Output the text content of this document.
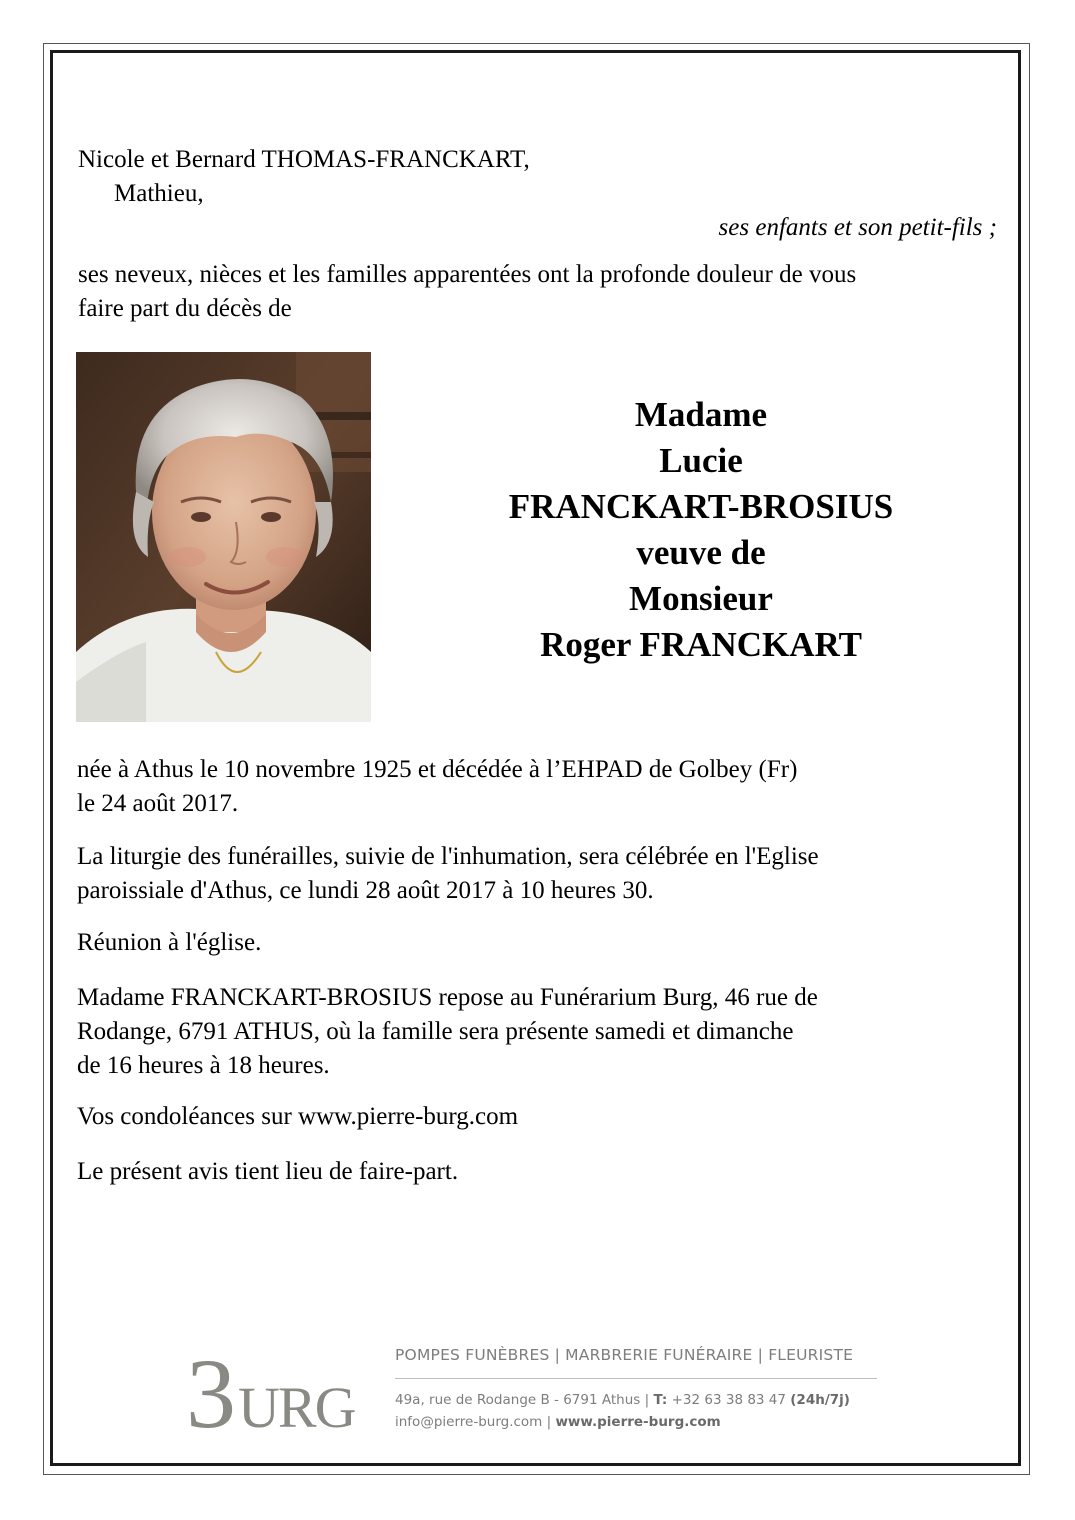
Nicole et Bernard THOMAS-FRANCKART,
Mathieu,
ses enfants et son petit-fils ;
ses neveux, nièces et les familles apparentées ont la profonde douleur de vous
faire part du décès de
Madame
Lucie
FRANCKART-BROSIUS
veuve de
Monsieur
Roger FRANCKART
née à Athus le 10 novembre 1925 et décédée à l’EHPAD de Golbey (Fr)
le 24 août 2017.
La liturgie des funérailles, suivie de l'inhumation, sera célébrée en l'Eglise
paroissiale d'Athus, ce lundi 28 août 2017 à 10 heures 30.
Réunion à l'église.
Madame FRANCKART-BROSIUS repose au Funérarium Burg, 46 rue de
Rodange, 6791 ATHUS, où la famille sera présente samedi et dimanche
de 16 heures à 18 heures.
Vos condoléances sur www.pierre-burg.com
Le présent avis tient lieu de faire-part.
3 URG
POMPES FUNÈBRES | MARBRERIE FUNÉRAIRE | FLEURISTE
49a, rue de Rodange B - 6791 Athus | T: +32 63 38 83 47 (24h/7j)
info@pierre-burg.com | www.pierre-burg.com
